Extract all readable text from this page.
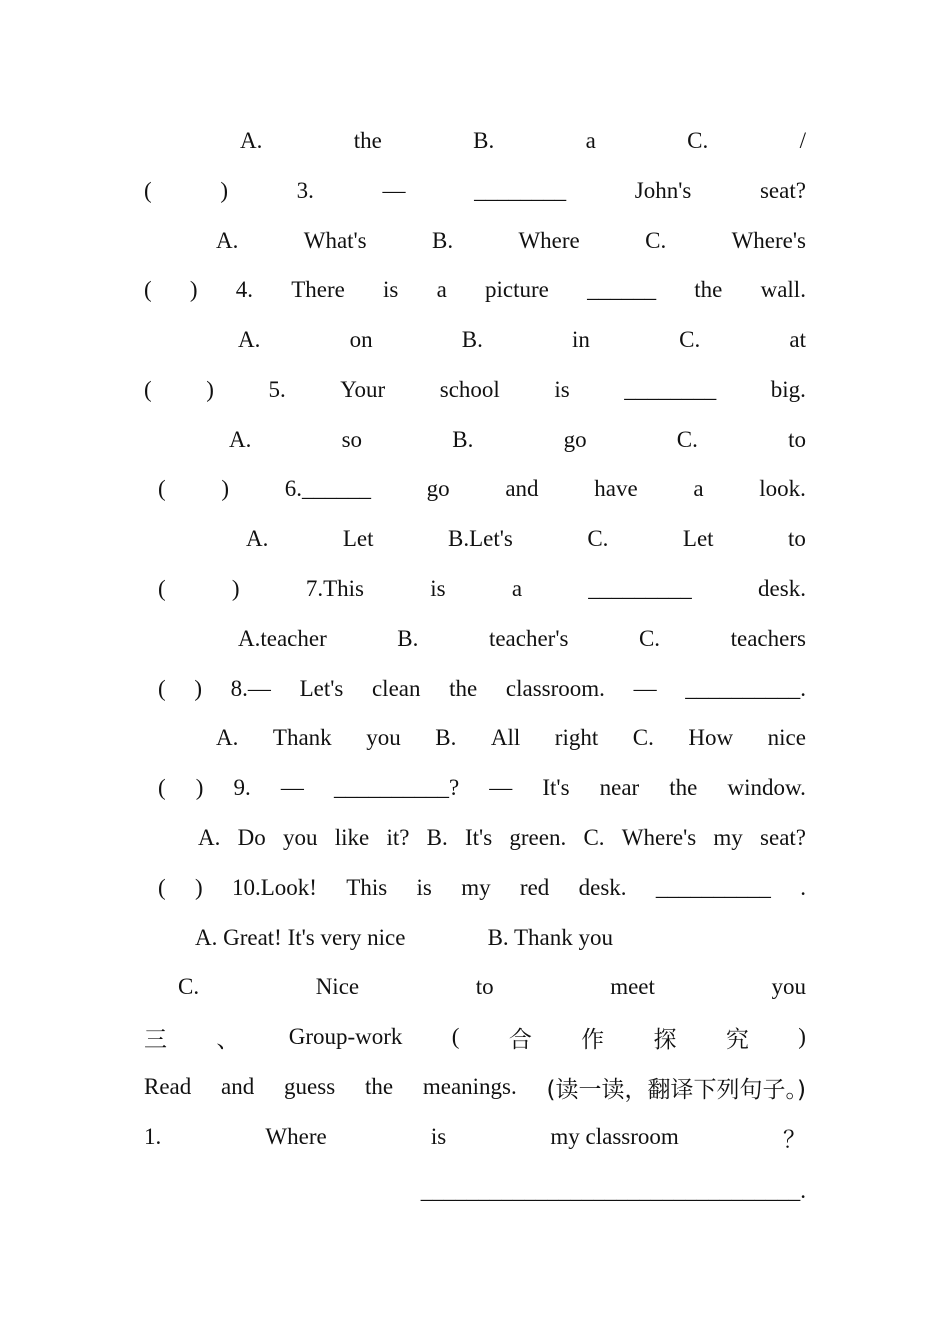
A.	the	B.	a	C.	/
(	)	3.	—	________	John's	seat?
A.	What's	B.	Where	C.	Where's
( ) 4. There is a picture ______ the wall.
A.	on	B.	in	C.	at
( ) 5. Your school is ________ big.
A.	so	B.	go	C.	to
( ) 6.______ go and have a look.
A.	Let	B.Let's	C.	Let	to
(	)	7.This	is	a	_________	desk.
A.teacher	B.	teacher's	C.	teachers
( ) 8.— Let's clean the classroom. — __________.
A. Thank you B. All right C. How nice
( ) 9. — __________? — It's near the window.
A. Do you like it? B. It's green. C. Where's my seat?
( ) 10.Look! This is my red desk. __________ .
A. Great! It's very nice	B. Thank you
C.	Nice	to	meet	you
三 、 Group-work ( 合 作 探 究 )
Read and guess the meanings. (读一读，翻译下列句子。)
1.	Where	is	my classroom	？
_________________________________.
